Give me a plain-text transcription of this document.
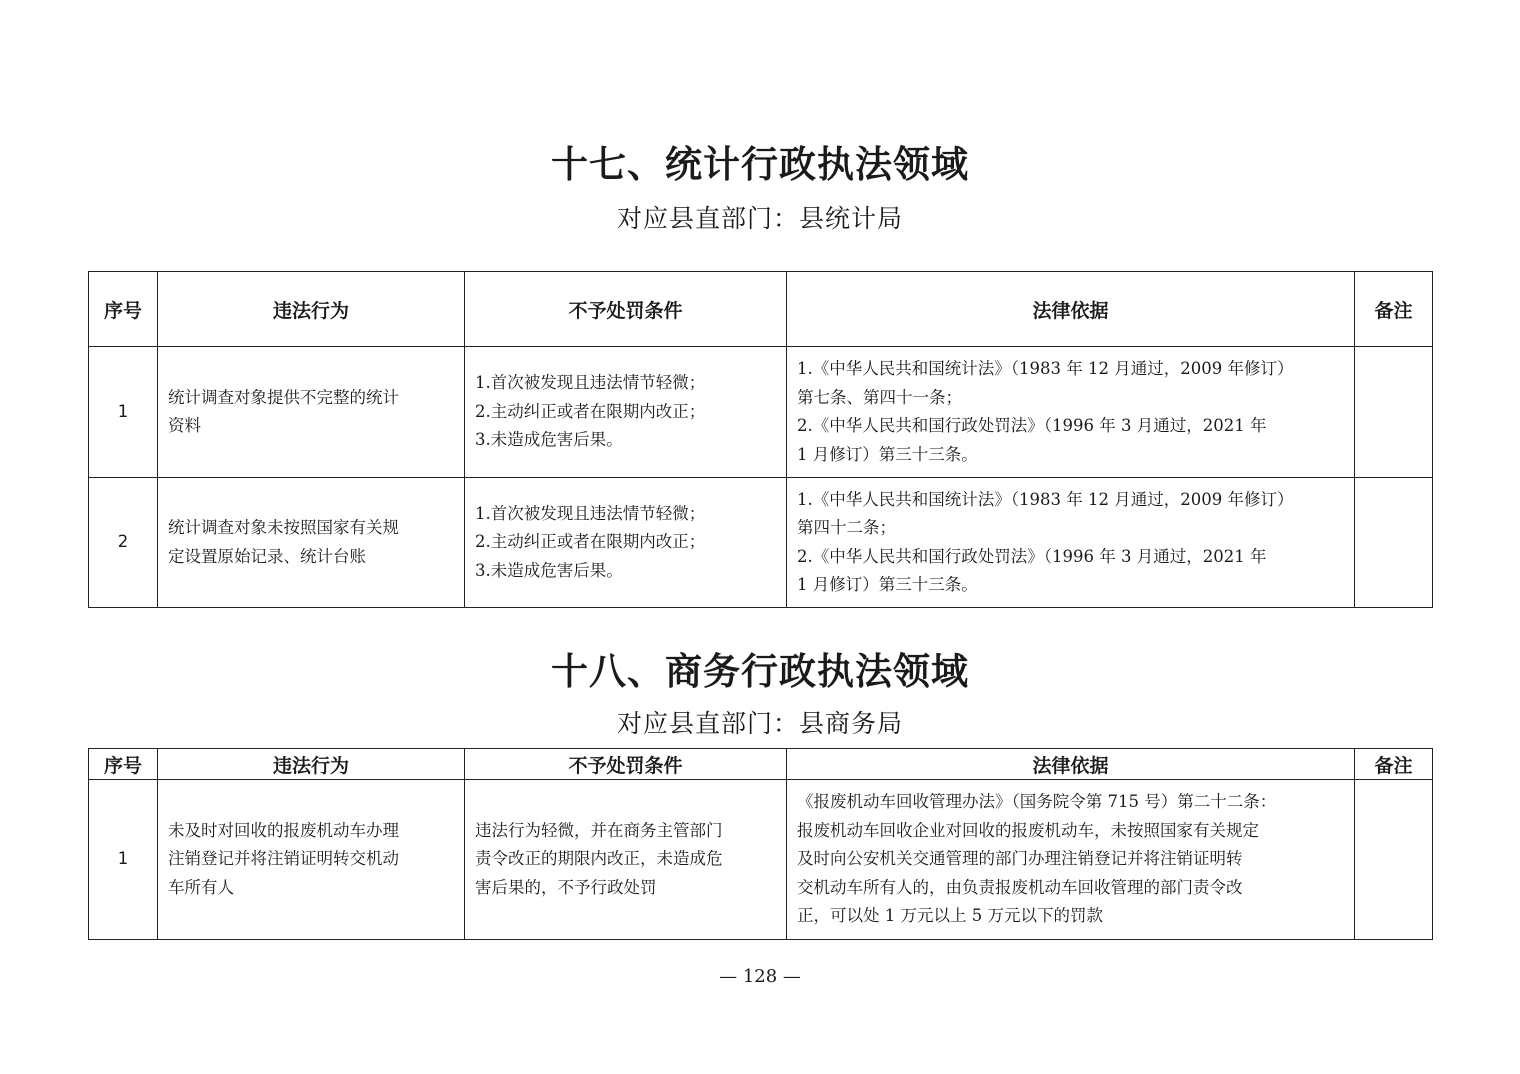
十七、统计行政执法领域
对应县直部门：县统计局
序号	违法行为	不予处罚条件	法律依据	备注
1	统计调查对象提供不完整的统计
资料	1.首次被发现且违法情节轻微；
2.主动纠正或者在限期内改正；
3.未造成危害后果。	1.《中华人民共和国统计法》（1983 年 12 月通过，2009 年修订）
第七条、第四十一条；
2.《中华人民共和国行政处罚法》（1996 年 3 月通过，2021 年
1 月修订）第三十三条。	

2	统计调查对象未按照国家有关规
定设置原始记录、统计台账	1.首次被发现且违法情节轻微；
2.主动纠正或者在限期内改正；
3.未造成危害后果。	1.《中华人民共和国统计法》（1983 年 12 月通过，2009 年修订）
第四十二条；
2.《中华人民共和国行政处罚法》（1996 年 3 月通过，2021 年
1 月修订）第三十三条。	

十八、商务行政执法领域
对应县直部门：县商务局
序号	违法行为	不予处罚条件	法律依据	备注
1	未及时对回收的报废机动车办理
注销登记并将注销证明转交机动
车所有人	违法行为轻微，并在商务主管部门
责令改正的期限内改正，未造成危
害后果的，不予行政处罚	《报废机动车回收管理办法》（国务院令第 715 号）第二十二条：
报废机动车回收企业对回收的报废机动车，未按照国家有关规定
及时向公安机关交通管理的部门办理注销登记并将注销证明转
交机动车所有人的，由负责报废机动车回收管理的部门责令改
正，可以处 1 万元以上 5 万元以下的罚款	

— 128 —
